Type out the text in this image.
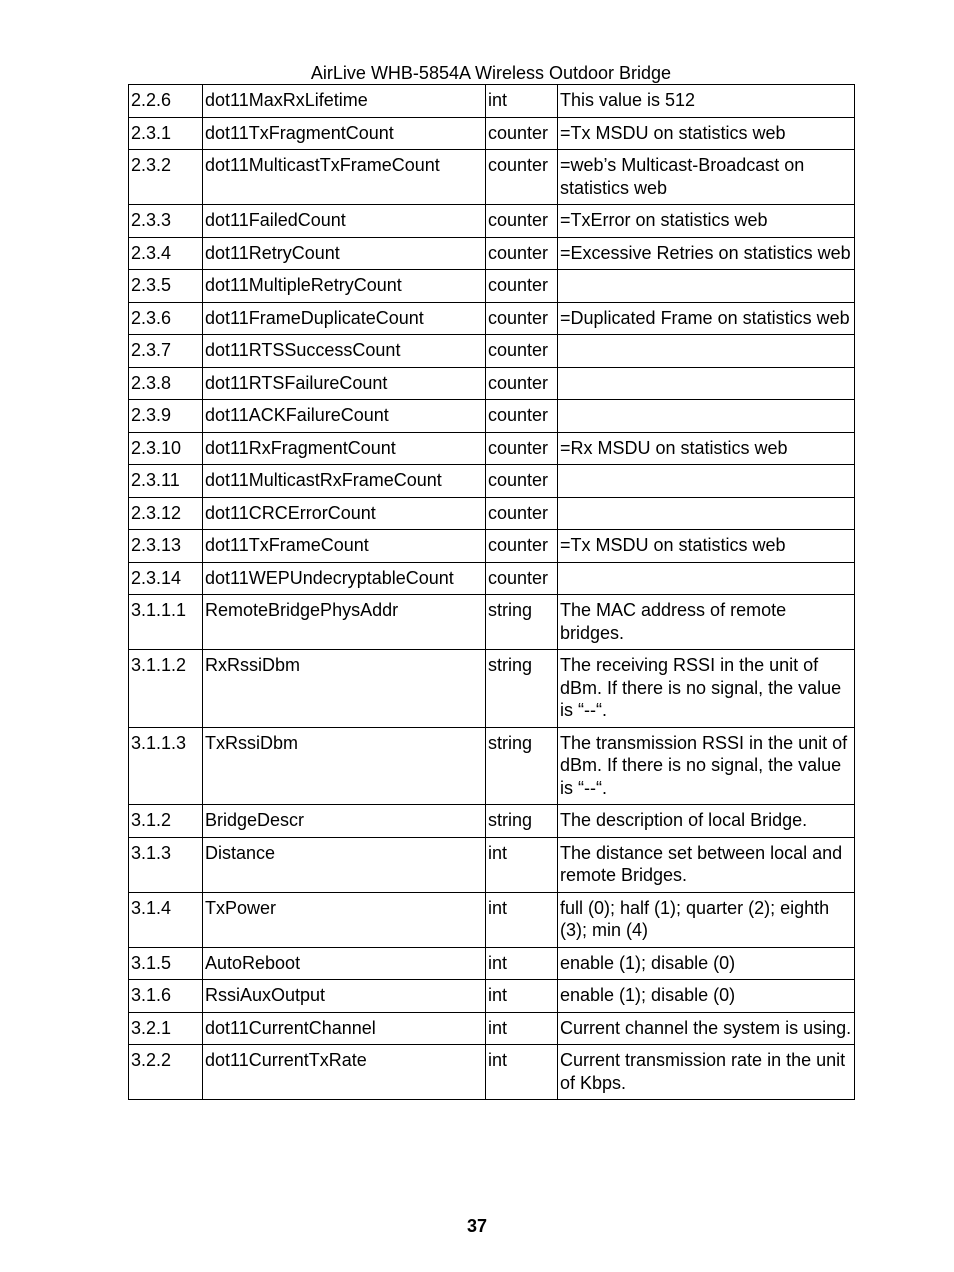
AirLive WHB-5854A Wireless Outdoor Bridge
2.2.6	dot11MaxRxLifetime	int	This value is 512
2.3.1	dot11TxFragmentCount	counter	=Tx MSDU on statistics web
2.3.2	dot11MulticastTxFrameCount	counter	=web’s Multicast-Broadcast on statistics web
2.3.3	dot11FailedCount	counter	=TxError on statistics web
2.3.4	dot11RetryCount	counter	=Excessive Retries on statistics web
2.3.5	dot11MultipleRetryCount	counter	
2.3.6	dot11FrameDuplicateCount	counter	=Duplicated Frame on statistics web
2.3.7	dot11RTSSuccessCount	counter	
2.3.8	dot11RTSFailureCount	counter	
2.3.9	dot11ACKFailureCount	counter	
2.3.10	dot11RxFragmentCount	counter	=Rx MSDU on statistics web
2.3.11	dot11MulticastRxFrameCount	counter	
2.3.12	dot11CRCErrorCount	counter	
2.3.13	dot11TxFrameCount	counter	=Tx MSDU on statistics web
2.3.14	dot11WEPUndecryptableCount	counter	
3.1.1.1	RemoteBridgePhysAddr	string	The MAC address of remote bridges.
3.1.1.2	RxRssiDbm	string	The receiving RSSI in the unit of dBm. If there is no signal, the value is “--“.
3.1.1.3	TxRssiDbm	string	The transmission RSSI in the unit of dBm. If there is no signal, the value is “--“.
3.1.2	BridgeDescr	string	The description of local Bridge.
3.1.3	Distance	int	The distance set between local and remote Bridges.
3.1.4	TxPower	int	full (0); half (1); quarter (2); eighth (3); min (4)
3.1.5	AutoReboot	int	enable (1); disable (0)
3.1.6	RssiAuxOutput	int	enable (1); disable (0)
3.2.1	dot11CurrentChannel	int	Current channel the system is using.
3.2.2	dot11CurrentTxRate	int	Current transmission rate in the unit of Kbps.
37
